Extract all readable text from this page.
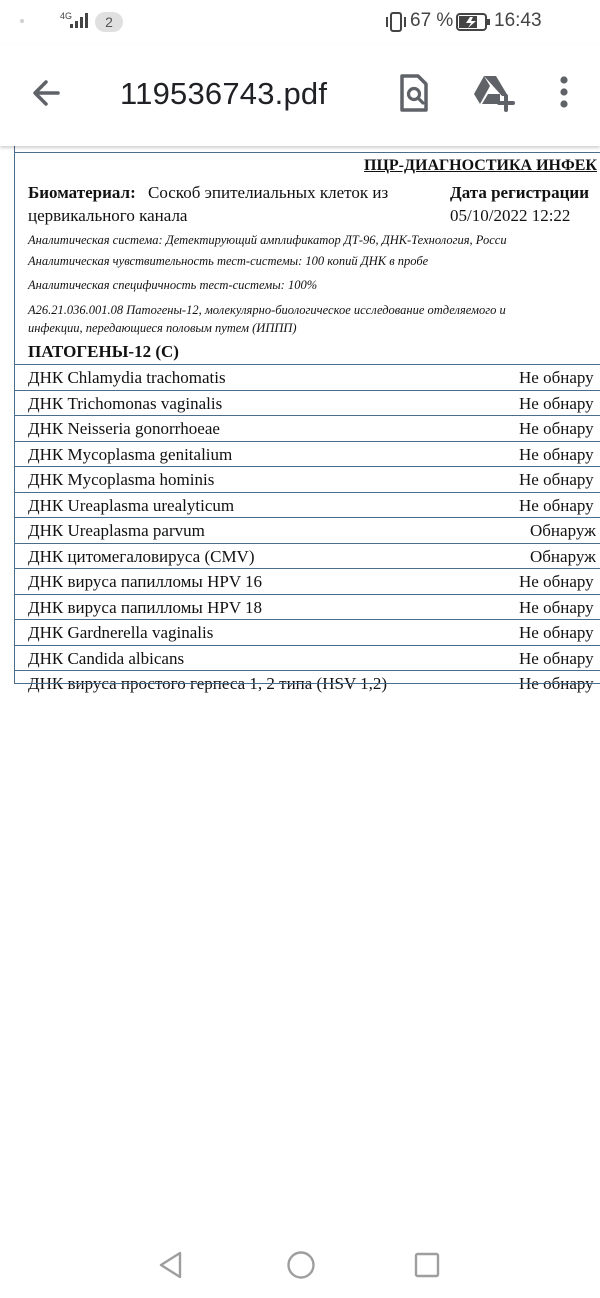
4G	2	67 % 16:43
119536743.pdf
ПЦР-ДИАГНОСТИКА ИНФЕК
Биоматериал: Соскоб эпителиальных клеток из
цервикального канала
Дата регистрации
05/10/2022 12:22
Аналитическая система: Детектирующий амплификатор ДТ-96, ДНК-Технология, Росси
Аналитическая чувствительность тест-системы: 100 копий ДНК в пробе
Аналитическая специфичность тест-системы: 100%
А26.21.036.001.08 Патогены-12, молекулярно-биологическое исследование отделяемого и
инфекции, передающиеся половым путем (ИППП)
ПАТОГЕНЫ-12 (С)
ДНК Chlamydia trachomatis	Не обнару
ДНК Trichomonas vaginalis	Не обнару
ДНК Neisseria gonorrhoeae	Не обнару
ДНК Mycoplasma genitalium	Не обнару
ДНК Mycoplasma hominis	Не обнару
ДНК Ureaplasma urealyticum	Не обнару
ДНК Ureaplasma parvum	Обнаруж
ДНК цитомегаловируса (CMV)	Обнаруж
ДНК вируса папилломы HPV 16	Не обнару
ДНК вируса папилломы HPV 18	Не обнару
ДНК Gardnerella vaginalis	Не обнару
ДНК Candida albicans	Не обнару
ДНК вируса простого герпеса 1, 2 типа (HSV 1,2)	Не обнару
